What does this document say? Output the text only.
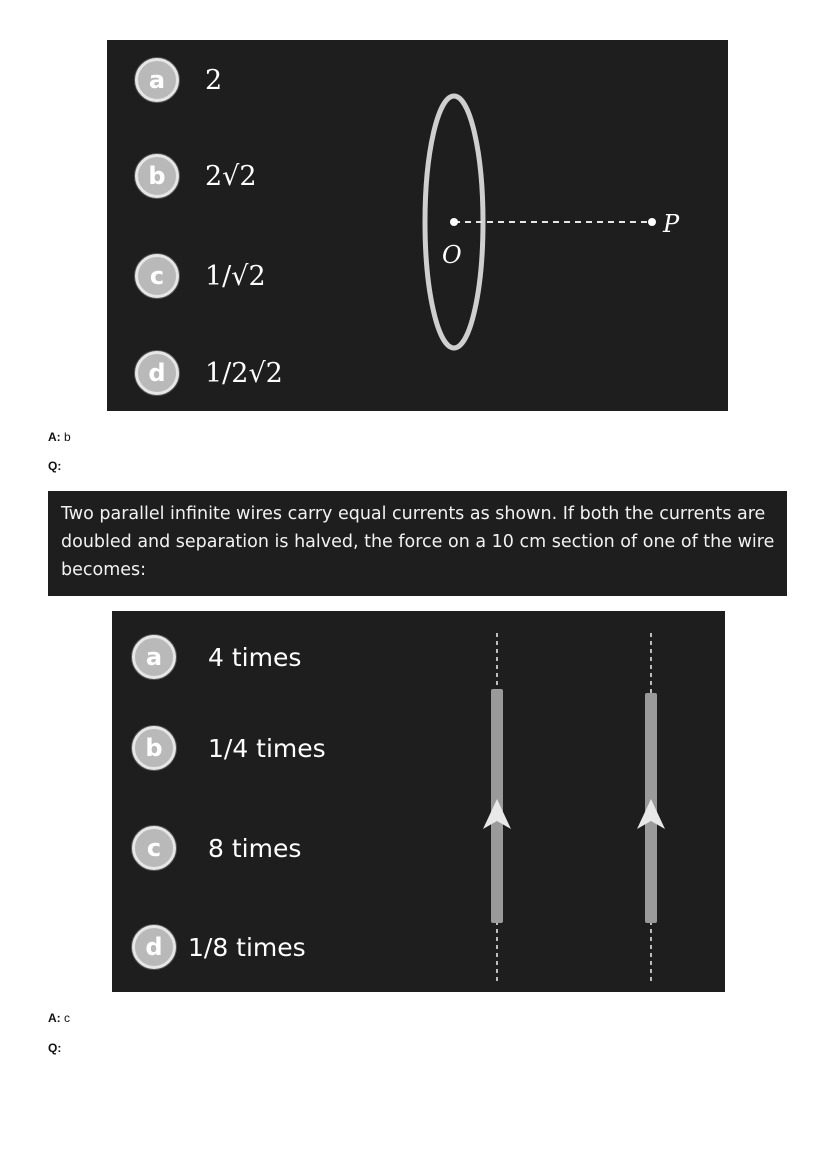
a	2
b	2√2
c	1/√2
d	1/2√2
O
P
A: b
Q:
Two parallel infinite wires carry equal currents as shown. If both the currents are doubled and separation is halved, the force on a 10 cm section of one of the wire becomes:
a	4 times
b	1/4 times
c	8 times
d	1/8 times
A: c
Q:
